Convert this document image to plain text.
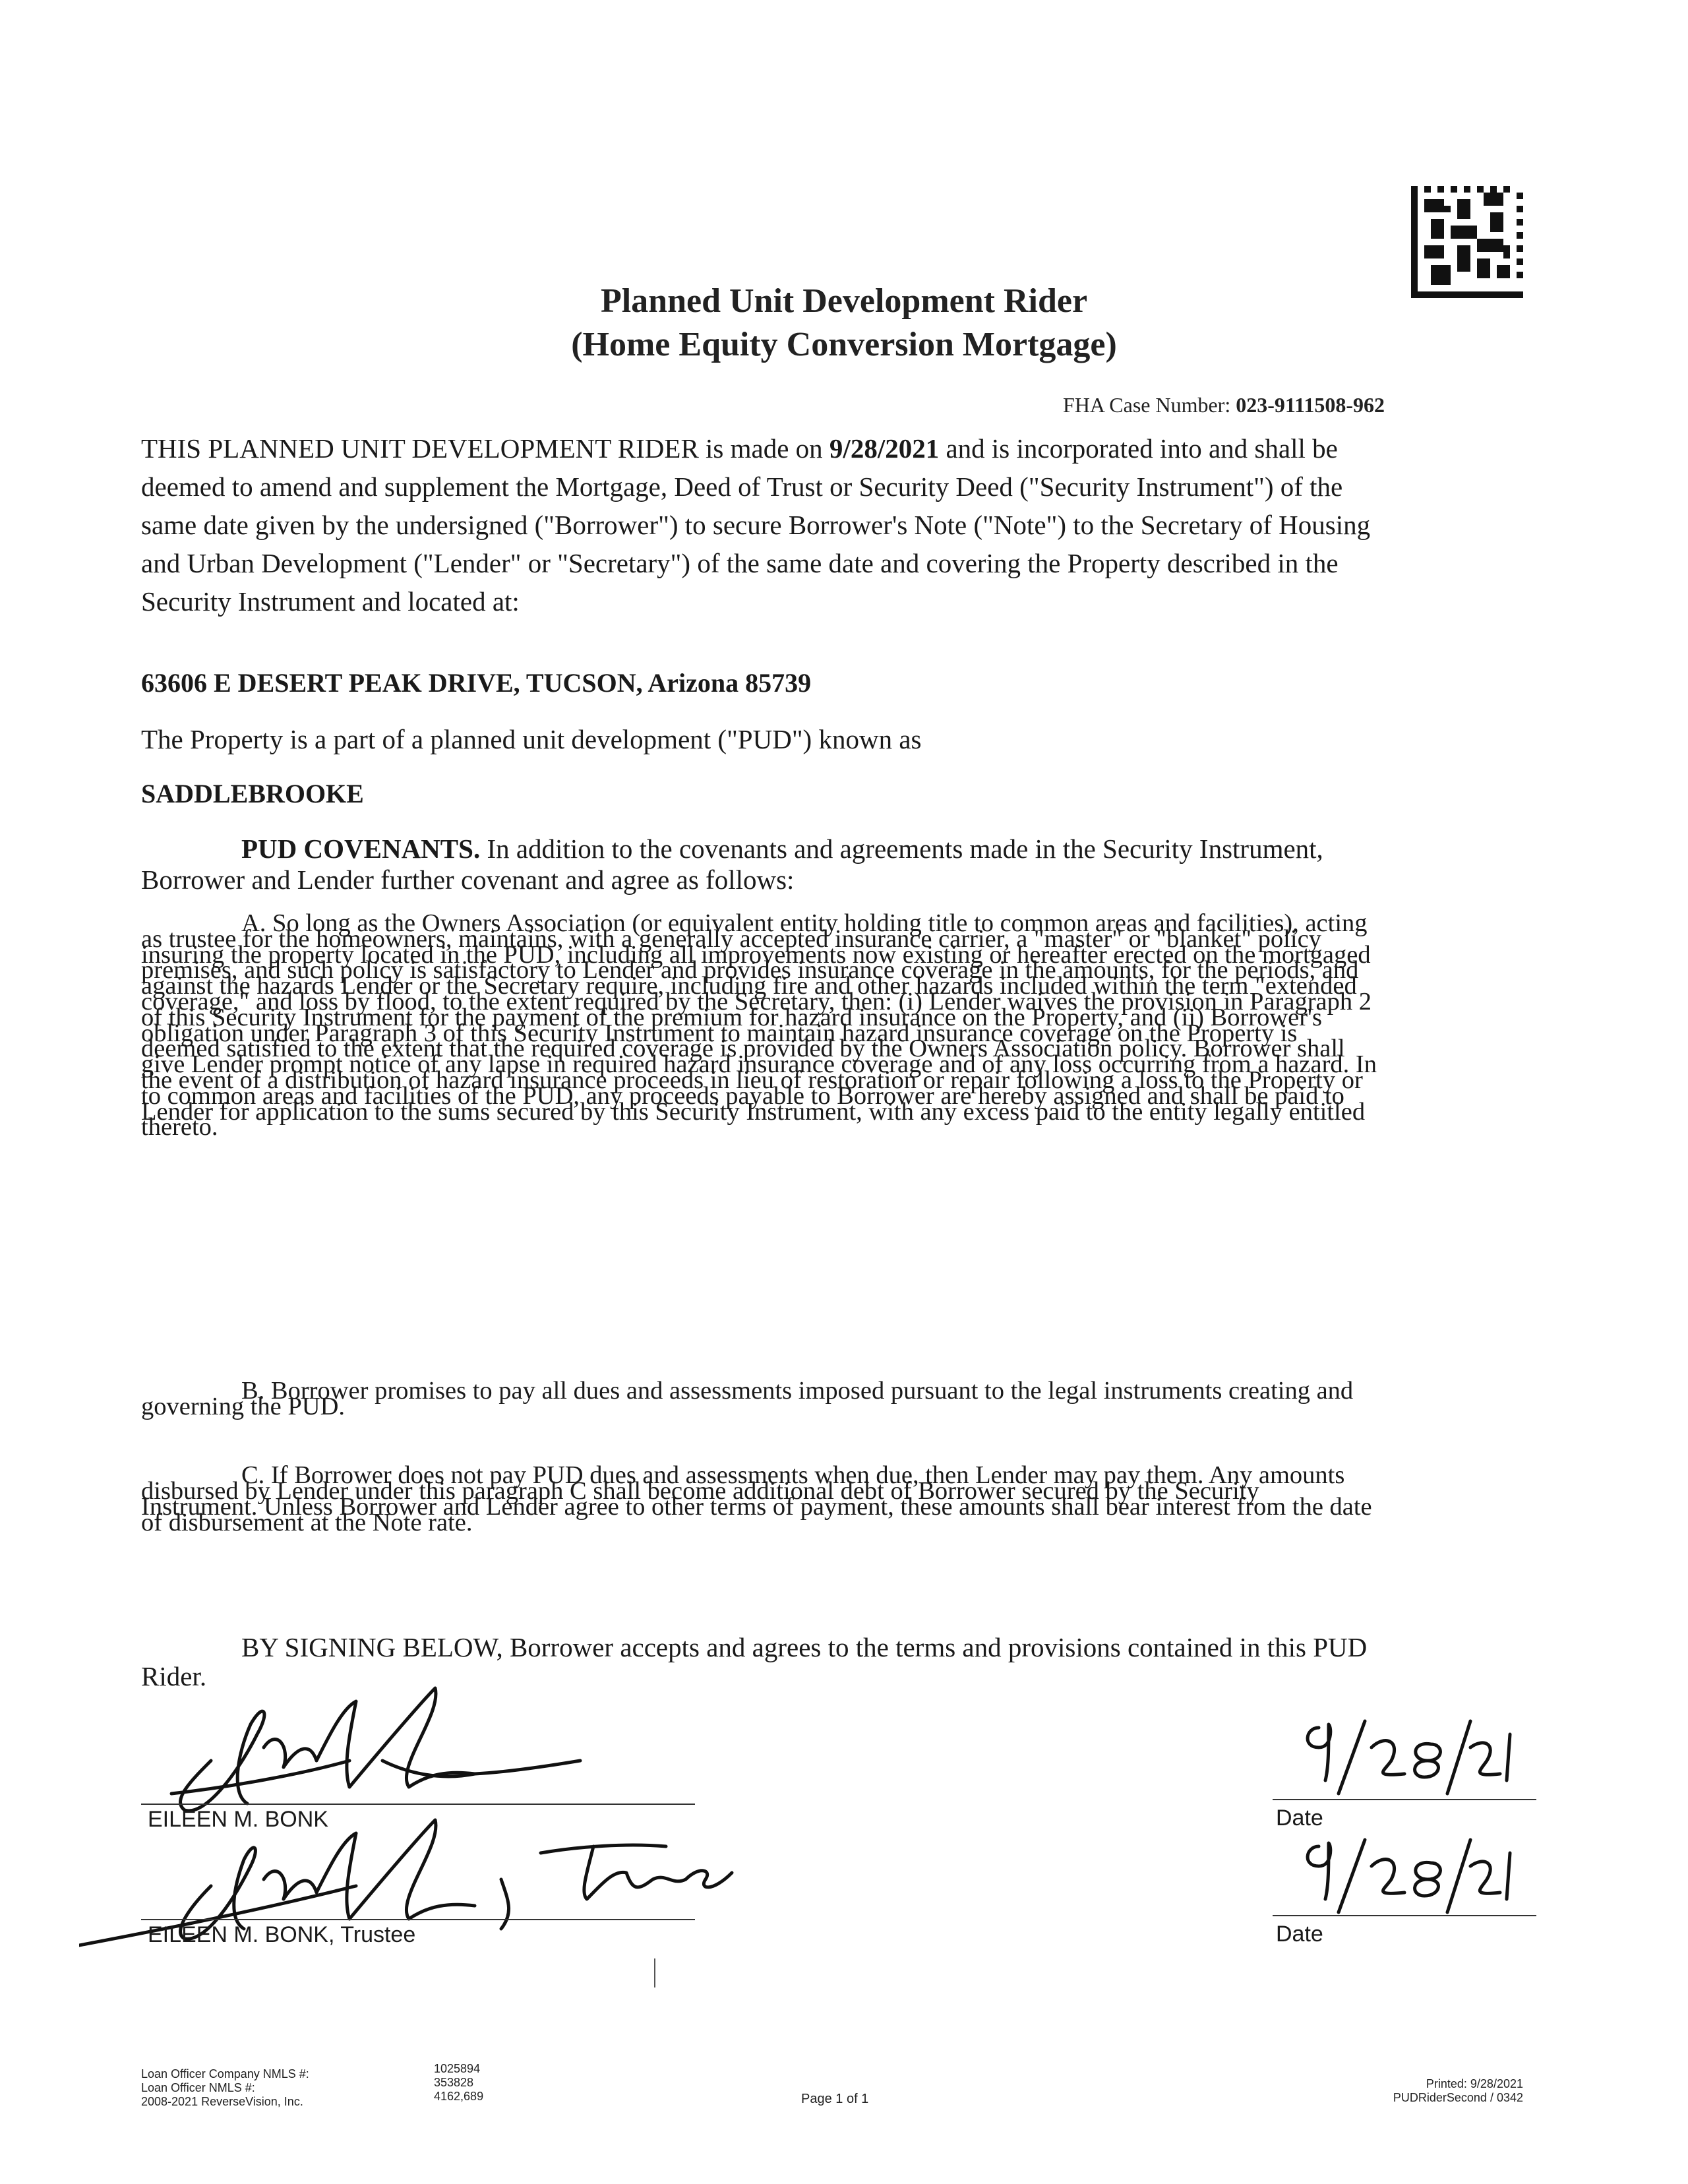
Planned Unit Development Rider
(Home Equity Conversion Mortgage)
FHA Case Number: 023-9111508-962
THIS PLANNED UNIT DEVELOPMENT RIDER is made on 9/28/2021 and is incorporated into and shall be deemed to amend and supplement the Mortgage, Deed of Trust or Security Deed ("Security Instrument") of the same date given by the undersigned ("Borrower") to secure Borrower's Note ("Note") to the Secretary of Housing and Urban Development ("Lender" or "Secretary") of the same date and covering the Property described in the Security Instrument and located at:
63606 E DESERT PEAK DRIVE, TUCSON, Arizona 85739
The Property is a part of a planned unit development ("PUD") known as
SADDLEBROOKE
PUD COVENANTS. In addition to the covenants and agreements made in the Security Instrument, Borrower and Lender further covenant and agree as follows:
A. So long as the Owners Association (or equivalent entity holding title to common areas and facilities), acting as trustee for the homeowners, maintains, with a generally accepted insurance carrier, a "master" or "blanket" policy insuring the property located in the PUD, including all improvements now existing or hereafter erected on the mortgaged premises, and such policy is satisfactory to Lender and provides insurance coverage in the amounts, for the periods, and against the hazards Lender or the Secretary require, including fire and other hazards included within the term "extended coverage," and loss by flood, to the extent required by the Secretary, then: (i) Lender waives the provision in Paragraph 2 of this Security Instrument for the payment of the premium for hazard insurance on the Property, and (ii) Borrower's obligation under Paragraph 3 of this Security Instrument to maintain hazard insurance coverage on the Property is deemed satisfied to the extent that the required coverage is provided by the Owners Association policy. Borrower shall give Lender prompt notice of any lapse in required hazard insurance coverage and of any loss occurring from a hazard. In the event of a distribution of hazard insurance proceeds in lieu of restoration or repair following a loss to the Property or to common areas and facilities of the PUD, any proceeds payable to Borrower are hereby assigned and shall be paid to Lender for application to the sums secured by this Security Instrument, with any excess paid to the entity legally entitled thereto.
B. Borrower promises to pay all dues and assessments imposed pursuant to the legal instruments creating and governing the PUD.
C. If Borrower does not pay PUD dues and assessments when due, then Lender may pay them. Any amounts disbursed by Lender under this paragraph C shall become additional debt of Borrower secured by the Security Instrument. Unless Borrower and Lender agree to other terms of payment, these amounts shall bear interest from the date of disbursement at the Note rate.
BY SIGNING BELOW, Borrower accepts and agrees to the terms and provisions contained in this PUD Rider.
EILEEN M. BONK
EILEEN M. BONK, Trustee
Date
Date
Loan Officer Company NMLS #:
Loan Officer NMLS #:
2008-2021 ReverseVision, Inc.
1025894
353828
4162,689	Page 1 of 1
Printed: 9/28/2021
PUDRiderSecond / 0342
